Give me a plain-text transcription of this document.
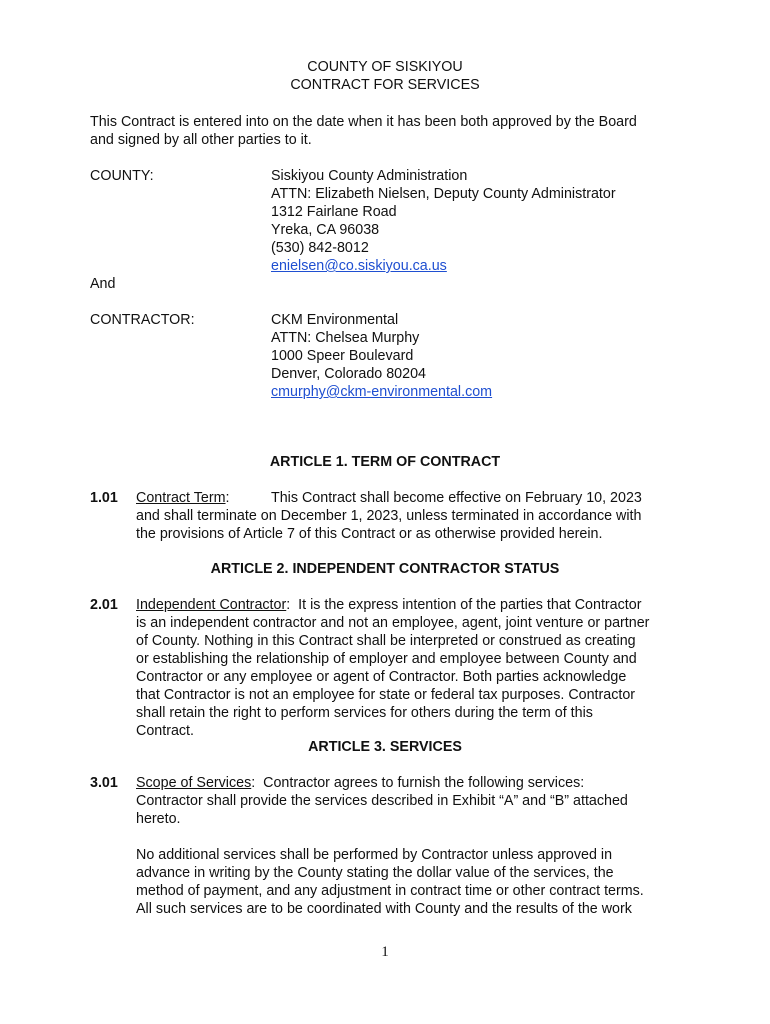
COUNTY OF SISKIYOU
CONTRACT FOR SERVICES
This Contract is entered into on the date when it has been both approved by the Board
and signed by all other parties to it.
COUNTY:	Siskiyou County Administration
ATTN: Elizabeth Nielsen, Deputy County Administrator
1312 Fairlane Road
Yreka, CA 96038
(530) 842-8012
enielsen@co.siskiyou.ca.us
And
CONTRACTOR:	CKM Environmental
ATTN: Chelsea Murphy
1000 Speer Boulevard
Denver, Colorado 80204
cmurphy@ckm-environmental.com
ARTICLE 1. TERM OF CONTRACT
1.01 Contract Term:	This Contract shall become effective on February 10, 2023
and shall terminate on December 1, 2023, unless terminated in accordance with
the provisions of Article 7 of this Contract or as otherwise provided herein.
ARTICLE 2. INDEPENDENT CONTRACTOR STATUS
2.01 Independent Contractor:  It is the express intention of the parties that Contractor
is an independent contractor and not an employee, agent, joint venture or partner
of County. Nothing in this Contract shall be interpreted or construed as creating
or establishing the relationship of employer and employee between County and
Contractor or any employee or agent of Contractor. Both parties acknowledge
that Contractor is not an employee for state or federal tax purposes. Contractor
shall retain the right to perform services for others during the term of this
Contract.
ARTICLE 3. SERVICES
3.01 Scope of Services:  Contractor agrees to furnish the following services:
Contractor shall provide the services described in Exhibit “A” and “B” attached
hereto.
No additional services shall be performed by Contractor unless approved in
advance in writing by the County stating the dollar value of the services, the
method of payment, and any adjustment in contract time or other contract terms.
All such services are to be coordinated with County and the results of the work
1
